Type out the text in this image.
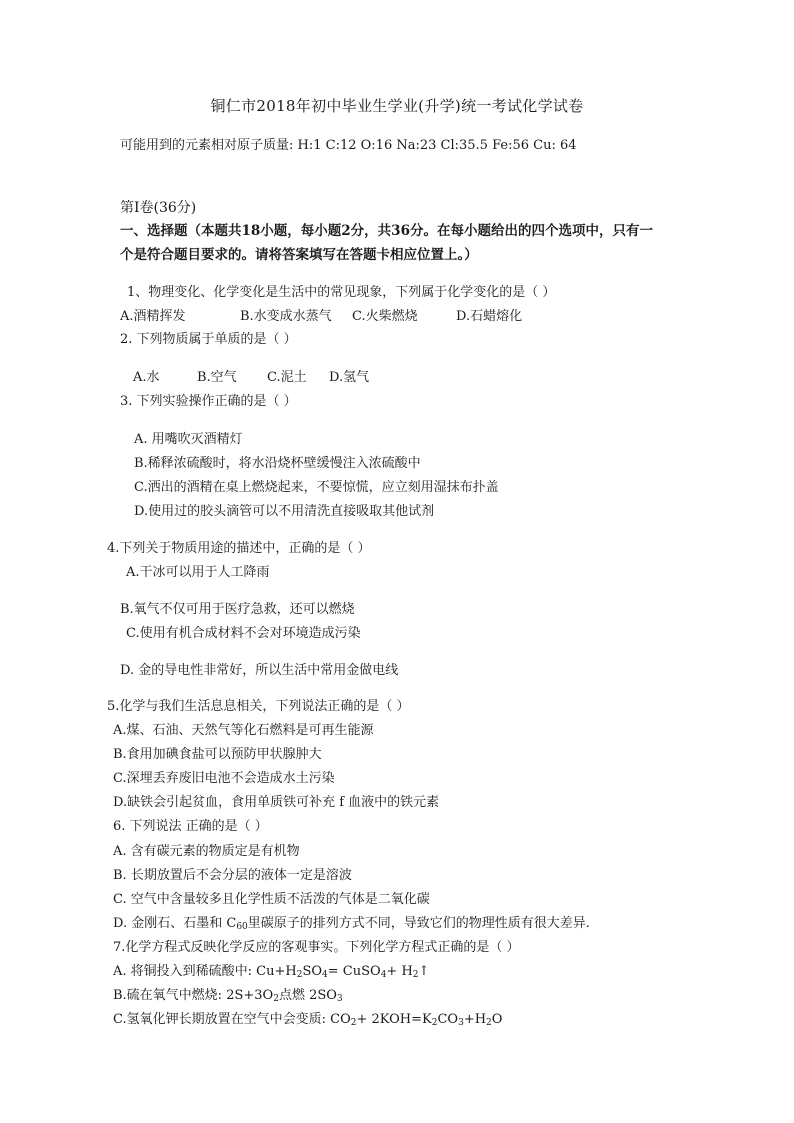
铜仁市2018年初中毕业生学业(升学)统一考试化学试卷
可能用到的元素相对原子质量: H:1 C:12 O:16 Na:23 Cl:35.5 Fe:56 Cu: 64
第Ⅰ卷(36分)
一、选择题（本题共18小题，每小题2分，共36分。在每小题给出的四个选项中，只有一
个是符合题目要求的。请将答案填写在答题卡相应位置上。）
1、物理变化、化学变化是生活中的常见现象，下列属于化学变化的是（ ）
A.酒精挥发	B.水变成水蒸气 C.火柴燃烧	D.石蜡熔化
2. 下列物质属于单质的是（ ）
A.水	B.空气 C.泥土 D.氢气
3. 下列实验操作正确的是（ ）
A. 用嘴吹灭酒精灯
B.稀释浓硫酸时，将水沿烧杯壁缓慢注入浓硫酸中
C.洒出的酒精在桌上燃烧起来，不要惊慌，应立刻用湿抹布扑盖
D.使用过的胶头滴管可以不用清洗直接吸取其他试剂
4.下列关于物质用途的描述中，正确的是（ ）
A.干冰可以用于人工降雨
B.氧气不仅可用于医疗急救，还可以燃烧
C.使用有机合成材料不会对环境造成污染
D. 金的导电性非常好，所以生活中常用金做电线
5.化学与我们生活息息相关，下列说法正确的是（ ）
A.煤、石油、天然气等化石燃料是可再生能源
B.食用加碘食盐可以预防甲状腺肿大
C.深埋丢弃废旧电池不会造成水土污染
D.缺铁会引起贫血，食用单质铁可补充 f 血液中的铁元素
6. 下列说法 正确的是（ ）
A. 含有碳元素的物质定是有机物
B. 长期放置后不会分层的液体一定是溶波
C. 空气中含量较多且化学性质不活泼的气体是二氧化碳
D. 金刚石、石墨和 $C_{60}$里碳原子的排列方式不同，导致它们的物理性质有很大差异.
7.化学方程式反映化学反应的客观事实。下列化学方程式正确的是（ ）
A. 将铜投入到稀硫酸中: $Cu+H_2SO_4=$ CuSO$_4$+ $H_2↑$
B.硫在氧气中燃烧: $2S+3O_2$点燃 $2SO_3$
C.氢氧化钾长期放置在空气中会变质: $CO_2+ 2KOH=K_2CO_3+H_2O$
